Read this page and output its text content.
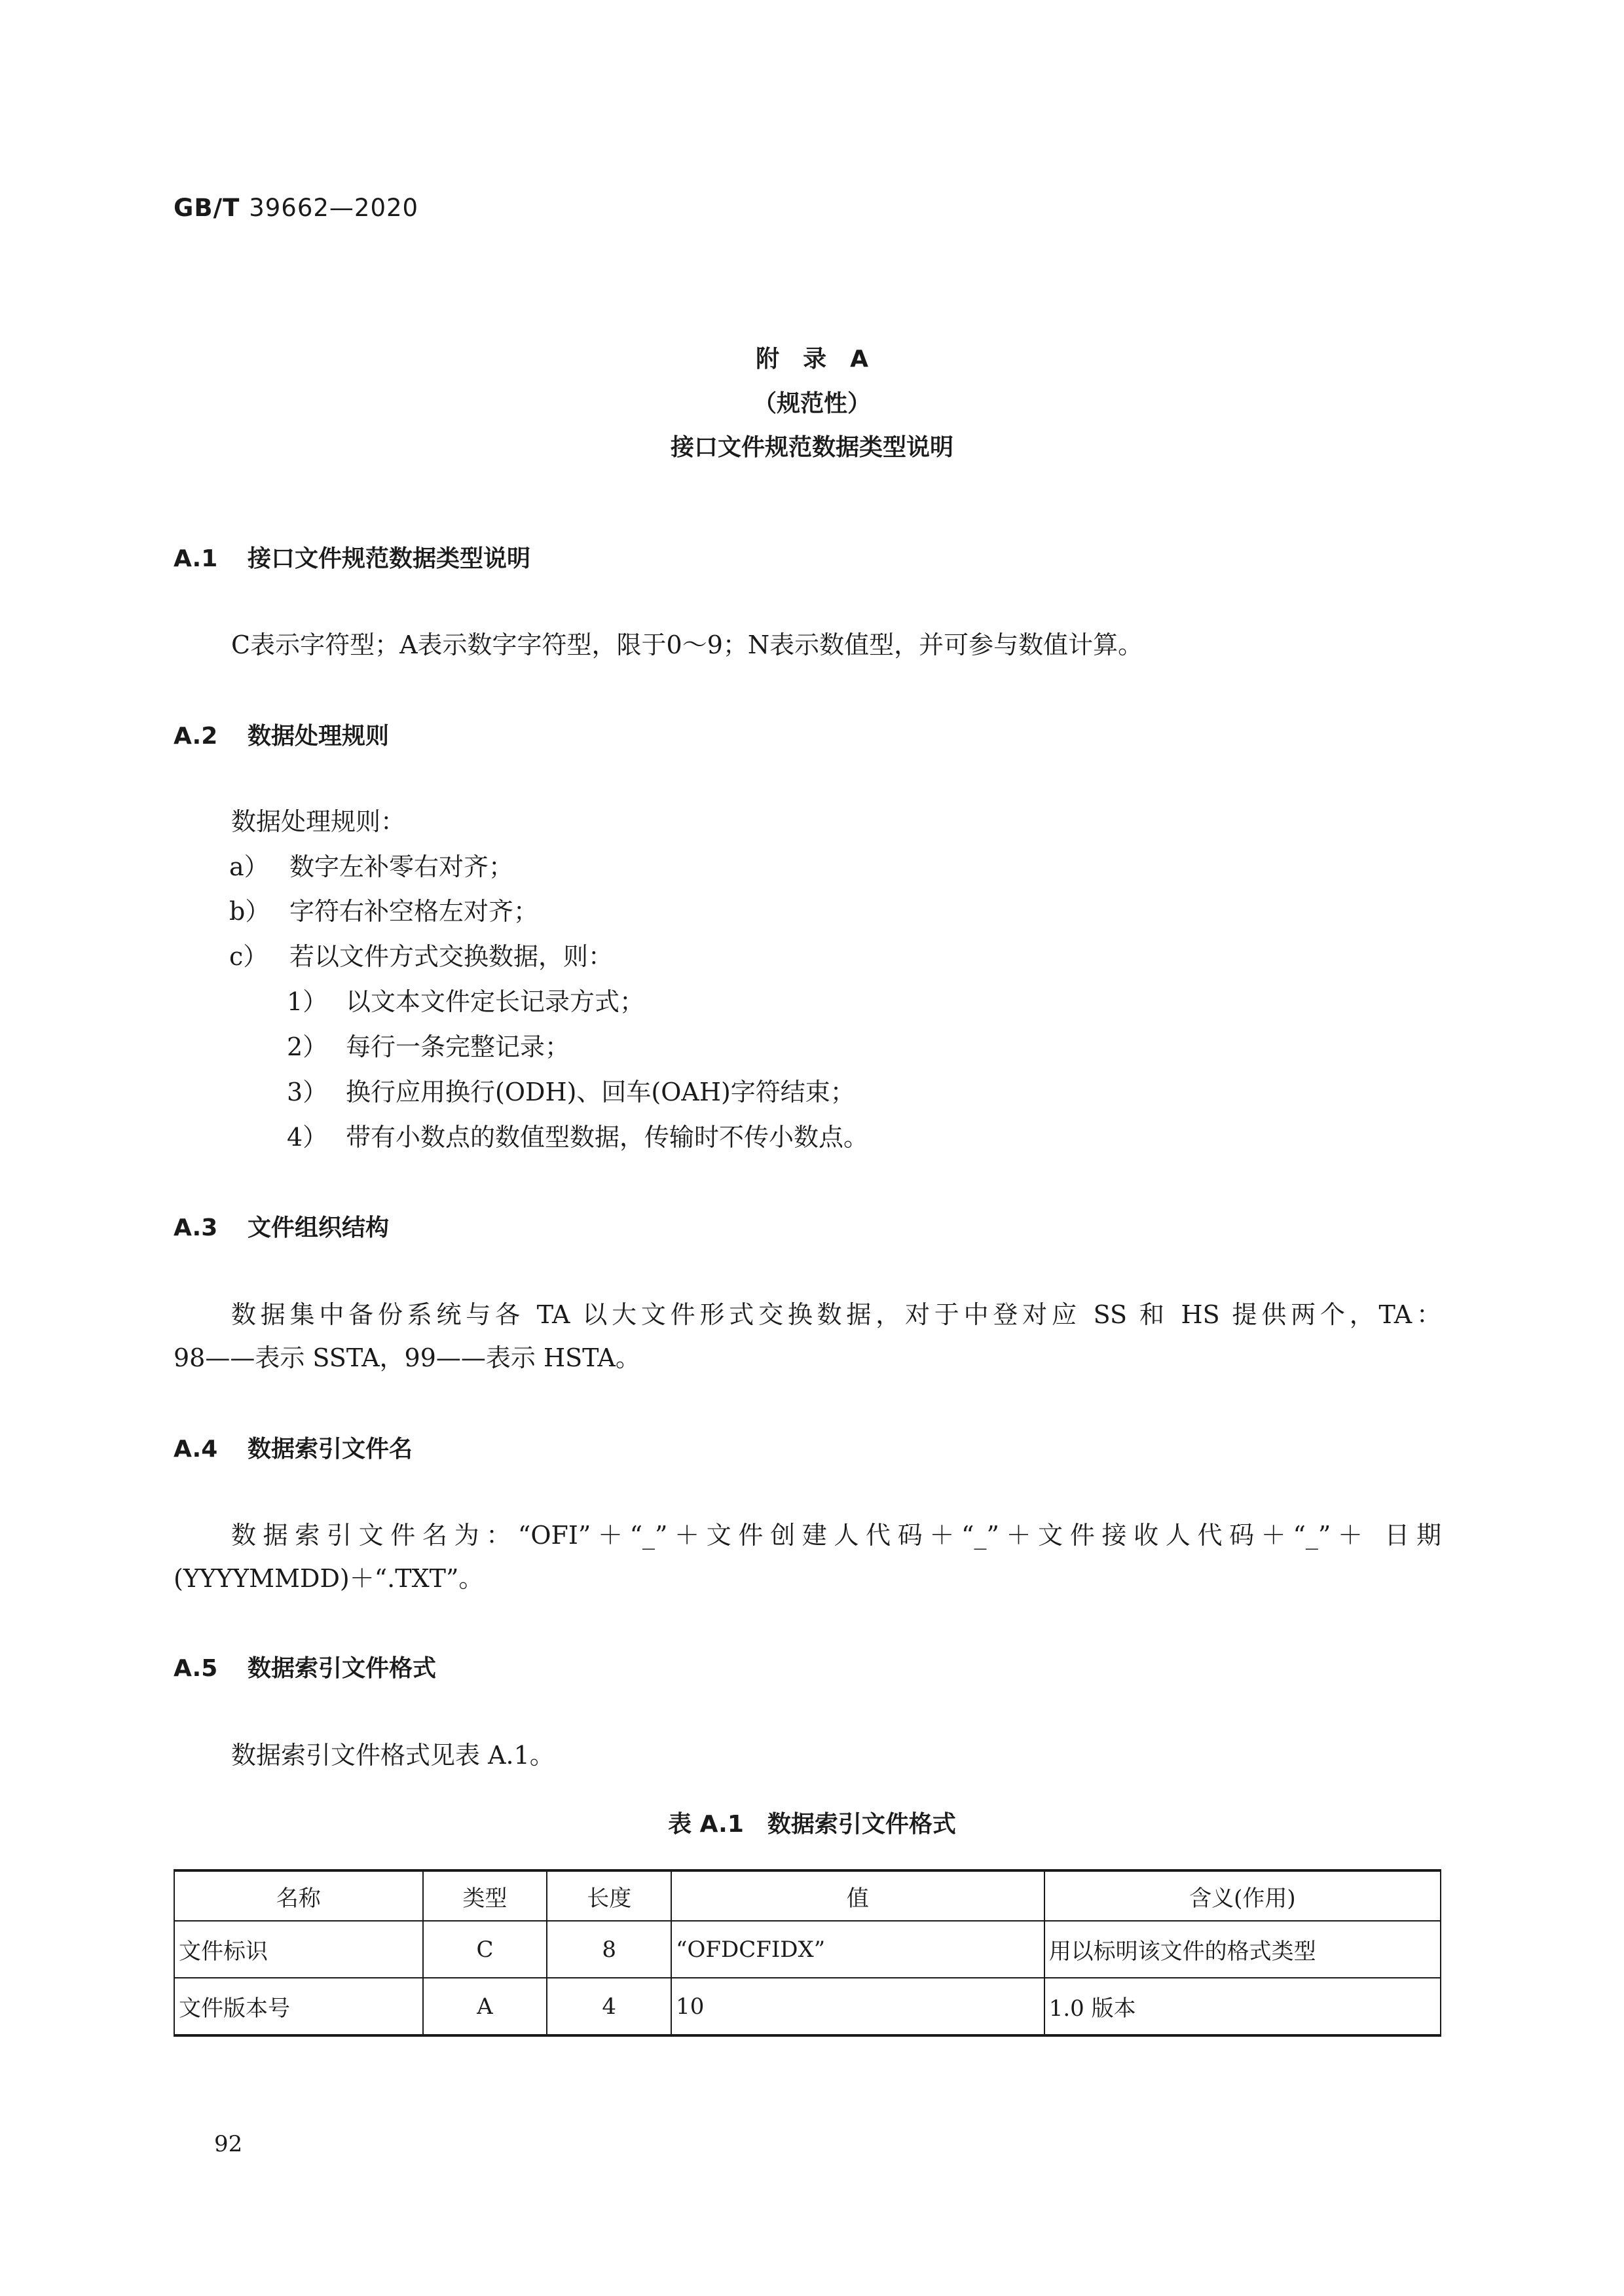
GB/T 39662—2020
附　录　A
（规范性）
接口文件规范数据类型说明
A.1 接口文件规范数据类型说明
C表示字符型；A表示数字字符型，限于0～9；N表示数值型，并可参与数值计算。
A.2 数据处理规则
数据处理规则：
a） 数字左补零右对齐；
b） 字符右补空格左对齐；
c） 若以文件方式交换数据，则：
1） 以文本文件定长记录方式；
2） 每行一条完整记录；
3） 换行应用换行(ODH)、回车(OAH)字符结束；
4） 带有小数点的数值型数据，传输时不传小数点。
A.3 文件组织结构
数据集中备份系统与各 TA 以大文件形式交换数据，对于中登对应 SS 和 HS 提供两个，TA：
98——表示 SSTA，99——表示 HSTA。
A.4 数据索引文件名
数据索引文件名为：“OFI”＋“_”＋文件创建人代码＋“_”＋文件接收人代码＋“_”＋ 日期
(YYYYMMDD)＋“.TXT”。
A.5 数据索引文件格式
数据索引文件格式见表 A.1。
表 A.1　数据索引文件格式
名称	类型	长度	值	含义(作用)
文件标识	C	8	“OFDCFIDX”	用以标明该文件的格式类型
文件版本号	A	4	10	1.0 版本
92
